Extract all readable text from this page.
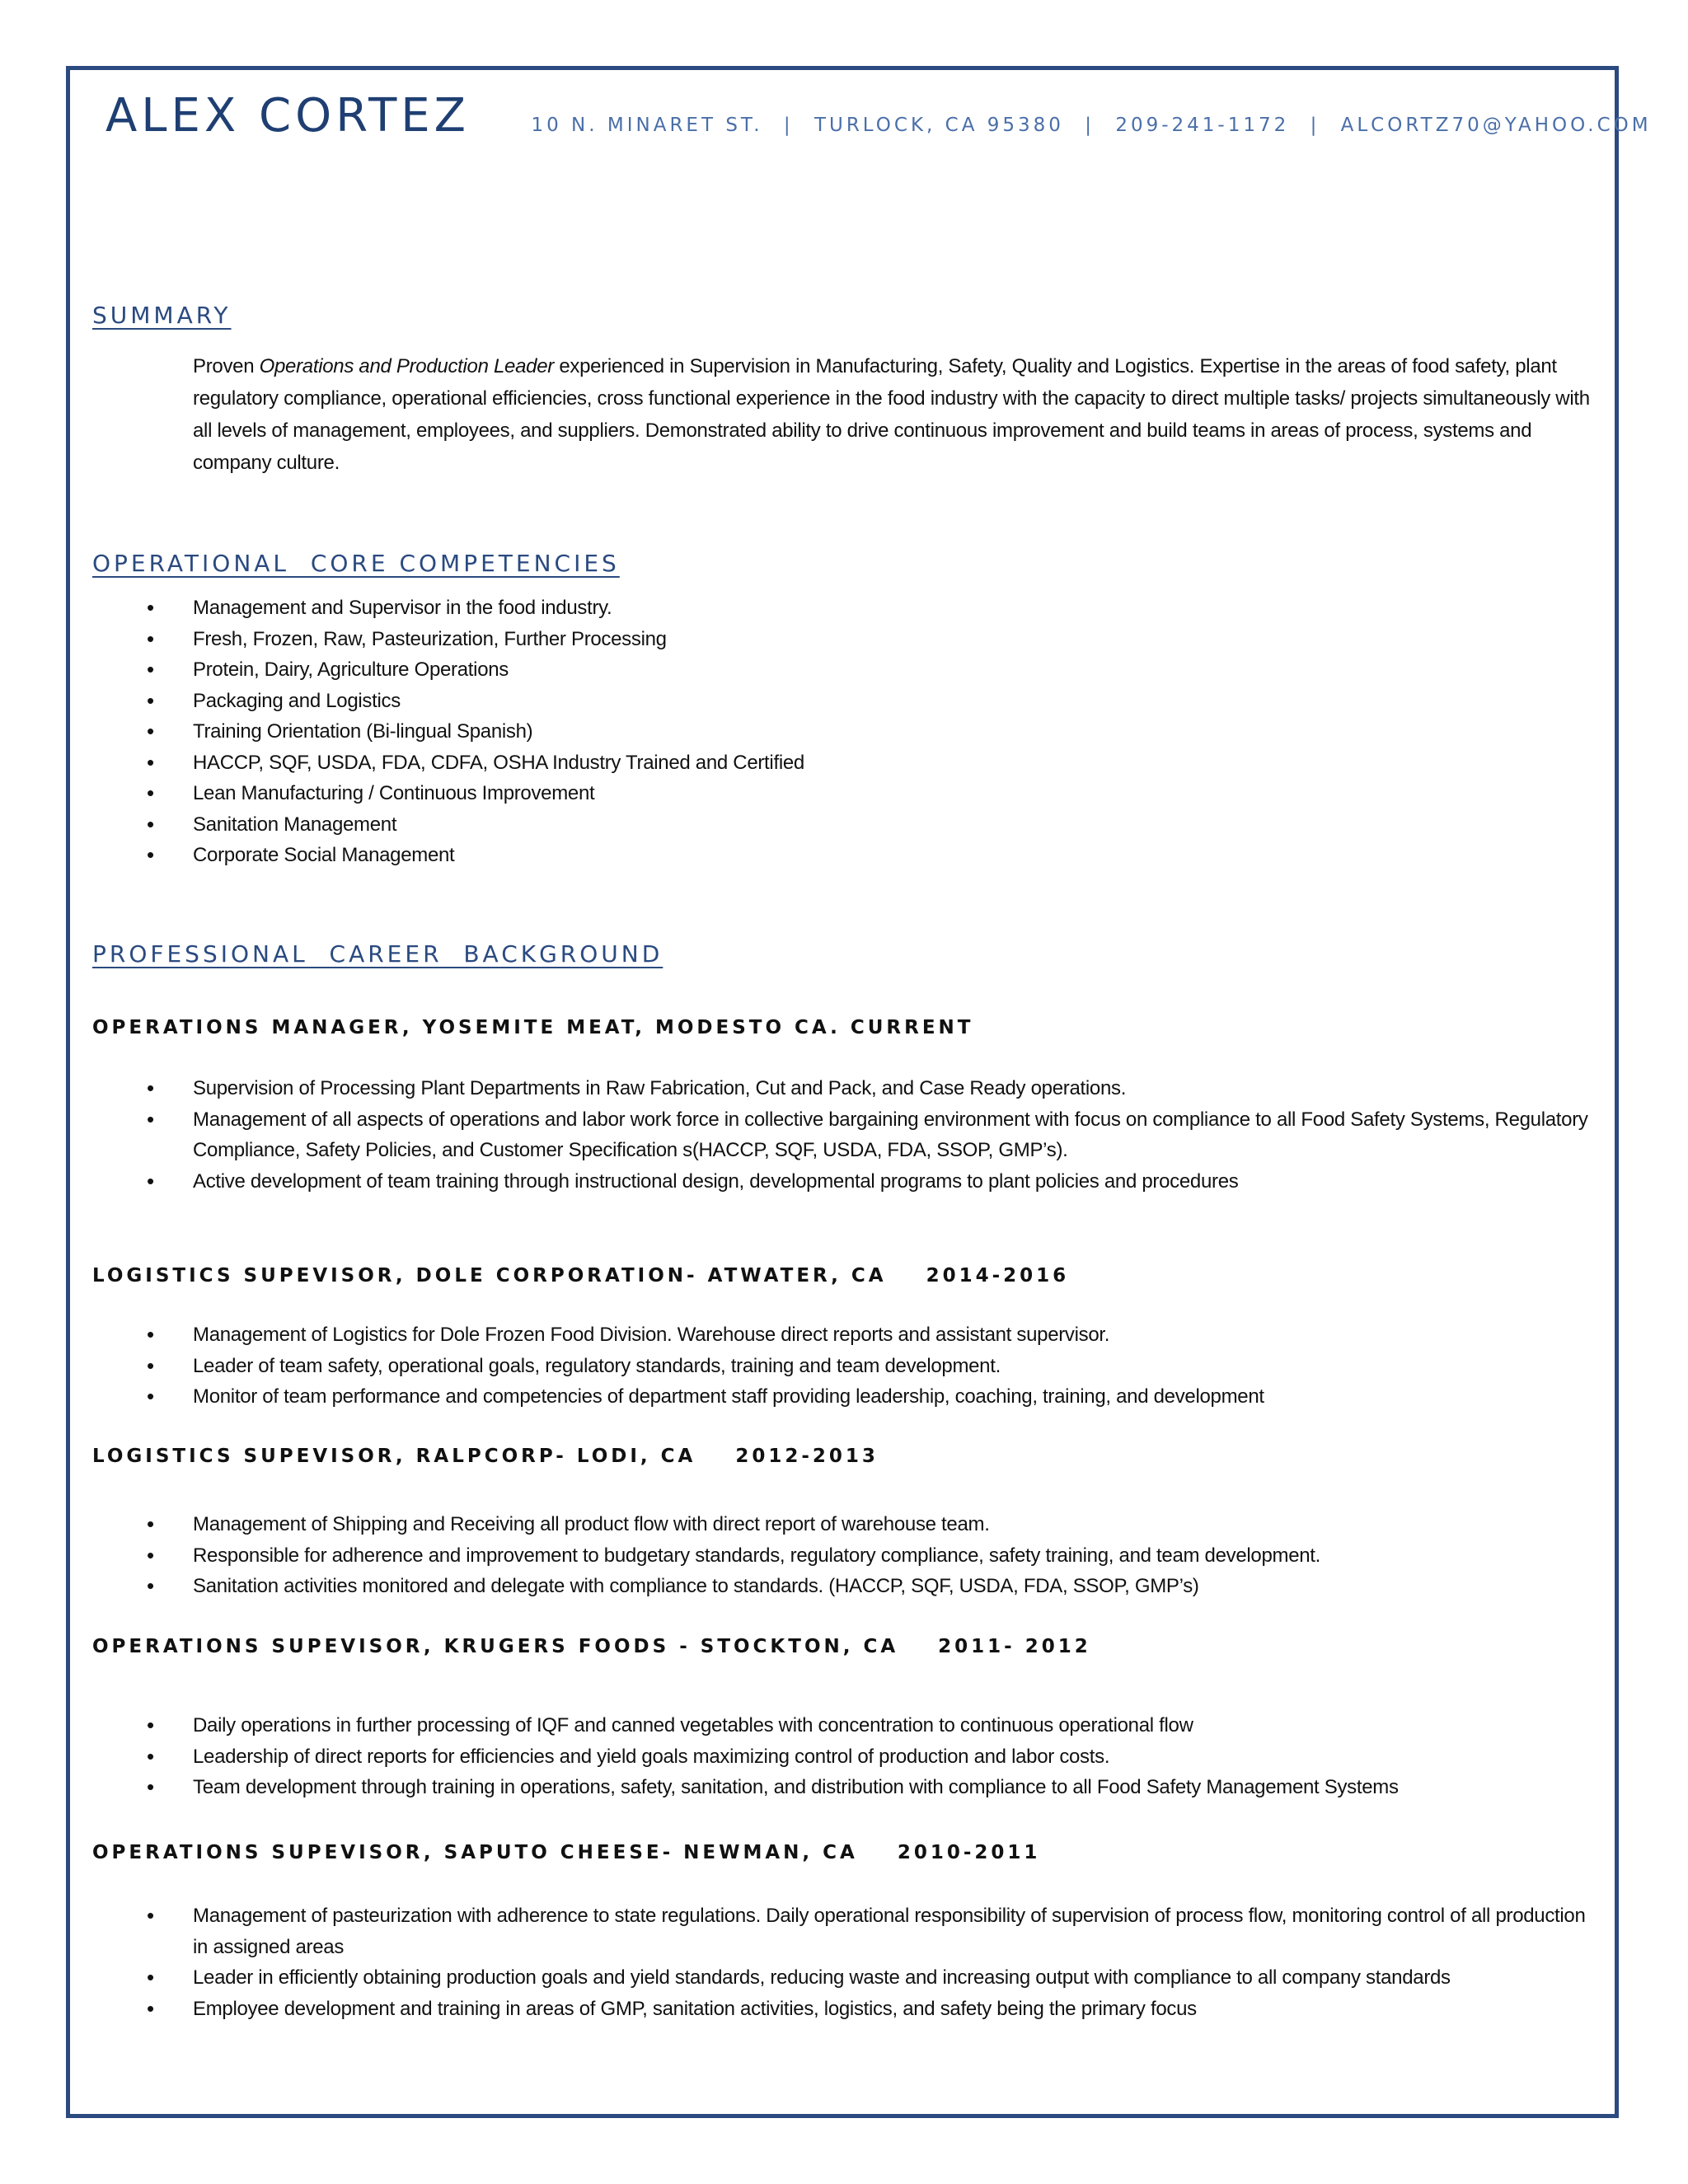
ALEX CORTEZ	10 N. MINARET ST. | TURLOCK, CA 95380 | 209-241-1172 | ALCORTZ70@YAHOO.COM
SUMMARY

Proven Operations and Production Leader experienced in Supervision in Manufacturing, Safety, Quality and Logistics. Expertise in the areas of food safety, plant regulatory compliance, operational efficiencies, cross functional experience in the food industry with the capacity to direct multiple tasks/ projects simultaneously with all levels of management, employees, and suppliers. Demonstrated ability to drive continuous improvement and build teams in areas of process, systems and company culture.

OPERATIONAL  CORE COMPETENCIES
• Management and Supervisor in the food industry.
• Fresh, Frozen, Raw, Pasteurization, Further Processing
• Protein, Dairy, Agriculture Operations
• Packaging and Logistics
• Training Orientation (Bi-lingual Spanish)
• HACCP, SQF, USDA, FDA, CDFA, OSHA Industry Trained and Certified
• Lean Manufacturing / Continuous Improvement
• Sanitation Management
• Corporate Social Management
PROFESSIONAL  CAREER  BACKGROUND
OPERATIONS MANAGER, YOSEMITE MEAT, MODESTO CA. CURRENT
• Supervision of Processing Plant Departments in Raw Fabrication, Cut and Pack, and Case Ready operations.
• Management of all aspects of operations and labor work force in collective bargaining environment with focus on compliance to all Food Safety Systems, Regulatory Compliance, Safety Policies, and Customer Specification s(HACCP, SQF, USDA, FDA, SSOP, GMP’s).
• Active development of team training through instructional design, developmental programs to plant policies and procedures
LOGISTICS SUPEVISOR, DOLE CORPORATION- ATWATER, CA 2014-2016
• Management of Logistics for Dole Frozen Food Division. Warehouse direct reports and assistant supervisor.
• Leader of team safety, operational goals, regulatory standards, training and team development.
• Monitor of team performance and competencies of department staff providing leadership, coaching, training, and development
LOGISTICS SUPEVISOR, RALPCORP- LODI, CA 2012-2013
• Management of Shipping and Receiving all product flow with direct report of warehouse team.
• Responsible for adherence and improvement to budgetary standards, regulatory compliance, safety training, and team development.
• Sanitation activities monitored and delegate with compliance to standards. (HACCP, SQF, USDA, FDA, SSOP, GMP’s)
OPERATIONS SUPEVISOR, KRUGERS FOODS - STOCKTON, CA 2011- 2012
• Daily operations in further processing of IQF and canned vegetables with concentration to continuous operational flow
• Leadership of direct reports for efficiencies and yield goals maximizing control of production and labor costs.
• Team development through training in operations, safety, sanitation, and distribution with compliance to all Food Safety Management Systems
OPERATIONS SUPEVISOR, SAPUTO CHEESE- NEWMAN, CA 2010-2011
• Management of pasteurization with adherence to state regulations. Daily operational responsibility of supervision of process flow, monitoring control of all production in assigned areas
• Leader in efficiently obtaining production goals and yield standards, reducing waste and increasing output with compliance to all company standards
• Employee development and training in areas of GMP, sanitation activities, logistics, and safety being the primary focus
